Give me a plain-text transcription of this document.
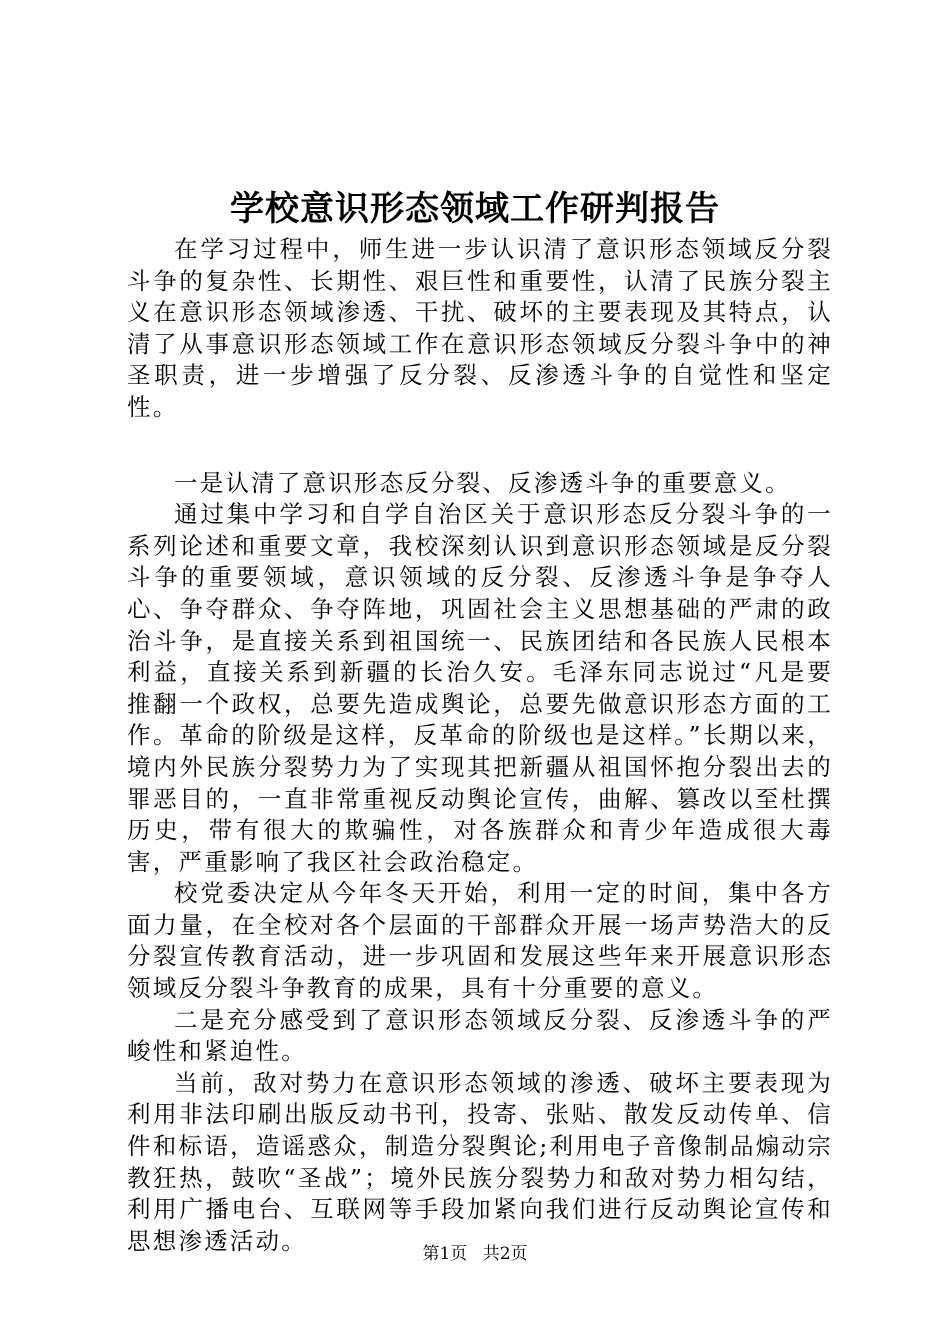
学校意识形态领域工作研判报告

在学习过程中，师生进一步认识清了意识形态领域反分裂斗争的复杂性、长期性、艰巨性和重要性，认清了民族分裂主义在意识形态领域渗透、干扰、破坏的主要表现及其特点，认清了从事意识形态领域工作在意识形态领域反分裂斗争中的神圣职责，进一步增强了反分裂、反渗透斗争的自觉性和坚定性。

一是认清了意识形态反分裂、反渗透斗争的重要意义。

通过集中学习和自学自治区关于意识形态反分裂斗争的一系列论述和重要文章，我校深刻认识到意识形态领域是反分裂斗争的重要领域，意识领域的反分裂、反渗透斗争是争夺人心、争夺群众、争夺阵地，巩固社会主义思想基础的严肃的政治斗争，是直接关系到祖国统一、民族团结和各民族人民根本利益，直接关系到新疆的长治久安。毛泽东同志说过“凡是要推翻一个政权，总要先造成舆论，总要先做意识形态方面的工作。革命的阶级是这样，反革命的阶级也是这样。”长期以来，境内外民族分裂势力为了实现其把新疆从祖国怀抱分裂出去的罪恶目的，一直非常重视反动舆论宣传，曲解、篡改以至杜撰历史，带有很大的欺骗性，对各族群众和青少年造成很大毒害，严重影响了我区社会政治稳定。

校党委决定从今年冬天开始，利用一定的时间，集中各方面力量，在全校对各个层面的干部群众开展一场声势浩大的反分裂宣传教育活动，进一步巩固和发展这些年来开展意识形态领域反分裂斗争教育的成果，具有十分重要的意义。

二是充分感受到了意识形态领域反分裂、反渗透斗争的严峻性和紧迫性。

当前，敌对势力在意识形态领域的渗透、破坏主要表现为利用非法印刷出版反动书刊，投寄、张贴、散发反动传单、信件和标语，造谣惑众，制造分裂舆论;利用电子音像制品煽动宗教狂热，鼓吹“圣战”；境外民族分裂势力和敌对势力相勾结，利用广播电台、互联网等手段加紧向我们进行反动舆论宣传和思想渗透活动。	第1页 共2页
